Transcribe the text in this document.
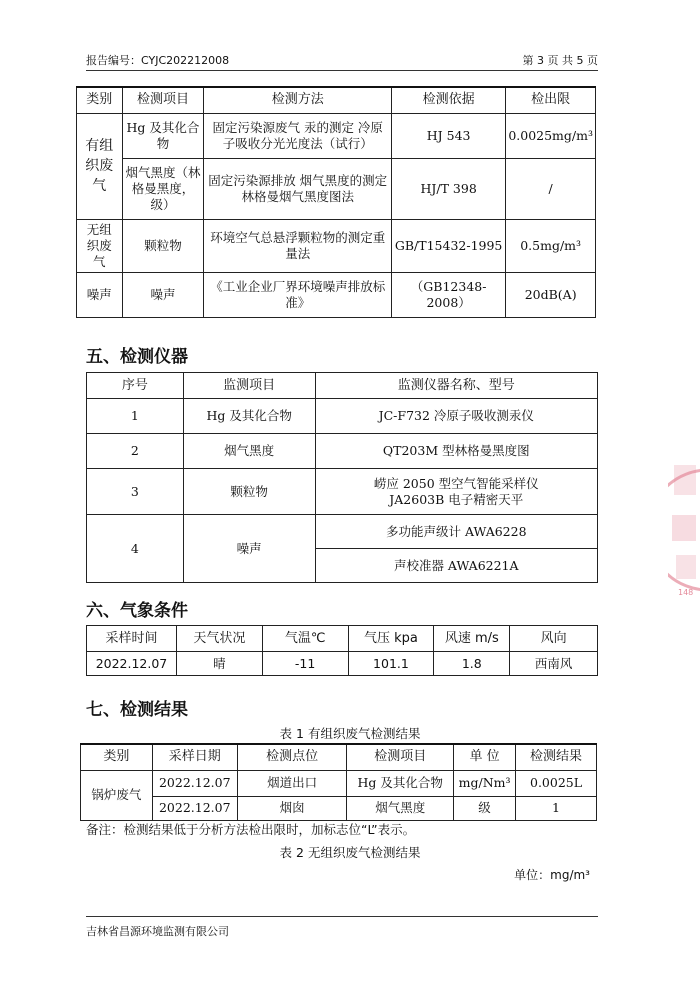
报告编号：CYJC202212008	第 3 页 共 5 页
类别	检测项目	检测方法	检测依据	检出限
有组织废气	Hg 及其化合物	固定污染源废气 汞的测定 冷原子吸收分光光度法（试行）	HJ 543	0.0025mg/m³
	烟气黑度（林格曼黑度，级）	固定污染源排放 烟气黑度的测定 林格曼烟气黑度图法	HJ/T 398	/
无组织废气	颗粒物	环境空气总悬浮颗粒物的测定重量法	GB/T15432-1995	0.5mg/m³
噪声	噪声	《工业企业厂界环境噪声排放标准》	（GB12348-2008）	20dB(A)
五、检测仪器
序号	监测项目	监测仪器名称、型号
1	Hg 及其化合物	JC-F732 冷原子吸收测汞仪
2	烟气黑度	QT203M 型林格曼黑度图
3	颗粒物	崂应 2050 型空气智能采样仪
JA2603B 电子精密天平

4	噪声	多功能声级计 AWA6228
		声校准器 AWA6221A
六、气象条件
采样时间	天气状况	气温℃	气压 kpa	风速 m/s	风向
2022.12.07	晴	-11	101.1	1.8	西南风
七、检测结果
表 1 有组织废气检测结果
类别	采样日期	检测点位	检测项目	单 位	检测结果
锅炉废气	2022.12.07	烟道出口	Hg 及其化合物	mg/Nm³	0.0025L
	2022.12.07	烟囱	烟气黑度	级	1
备注：检测结果低于分析方法检出限时，加标志位“L”表示。
表 2 无组织废气检测结果
单位：mg/m³
吉林省昌源环境监测有限公司
148
